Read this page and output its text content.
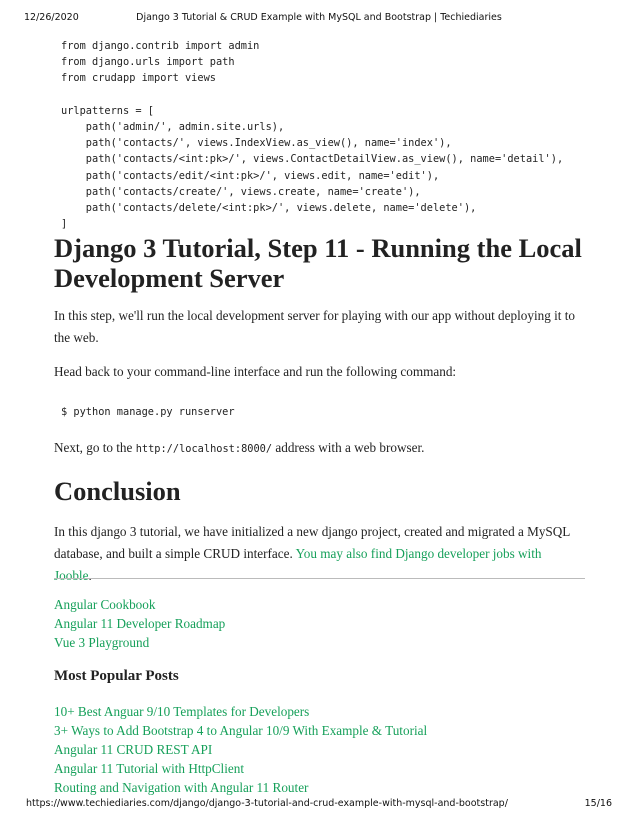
12/26/2020	Django 3 Tutorial & CRUD Example with MySQL and Bootstrap | Techiediaries
from django.contrib import admin
from django.urls import path
from crudapp import views
urlpatterns = [
path('admin/', admin.site.urls),
path('contacts/', views.IndexView.as_view(), name='index'),
path('contacts/<int:pk>/', views.ContactDetailView.as_view(), name='detail'),
path('contacts/edit/<int:pk>/', views.edit, name='edit'),
path('contacts/create/', views.create, name='create'),
path('contacts/delete/<int:pk>/', views.delete, name='delete'),
]
Django 3 Tutorial, Step 11 - Running the Local Development Server

In this step, we'll run the local development server for playing with our app without deploying it to the web.

Head back to your command-line interface and run the following command:

$ python manage.py runserver

Next, go to the http://localhost:8000/ address with a web browser.

Conclusion

In this django 3 tutorial, we have initialized a new django project, created and migrated a MySQL database, and built a simple CRUD interface. You may also find Django developer jobs with Jooble.

Angular Cookbook
Angular 11 Developer Roadmap
Vue 3 Playground
Most Popular Posts
10+ Best Anguar 9/10 Templates for Developers
3+ Ways to Add Bootstrap 4 to Angular 10/9 With Example & Tutorial
Angular 11 CRUD REST API
Angular 11 Tutorial with HttpClient
Routing and Navigation with Angular 11 Router
https://www.techiediaries.com/django/django-3-tutorial-and-crud-example-with-mysql-and-bootstrap/	15/16
